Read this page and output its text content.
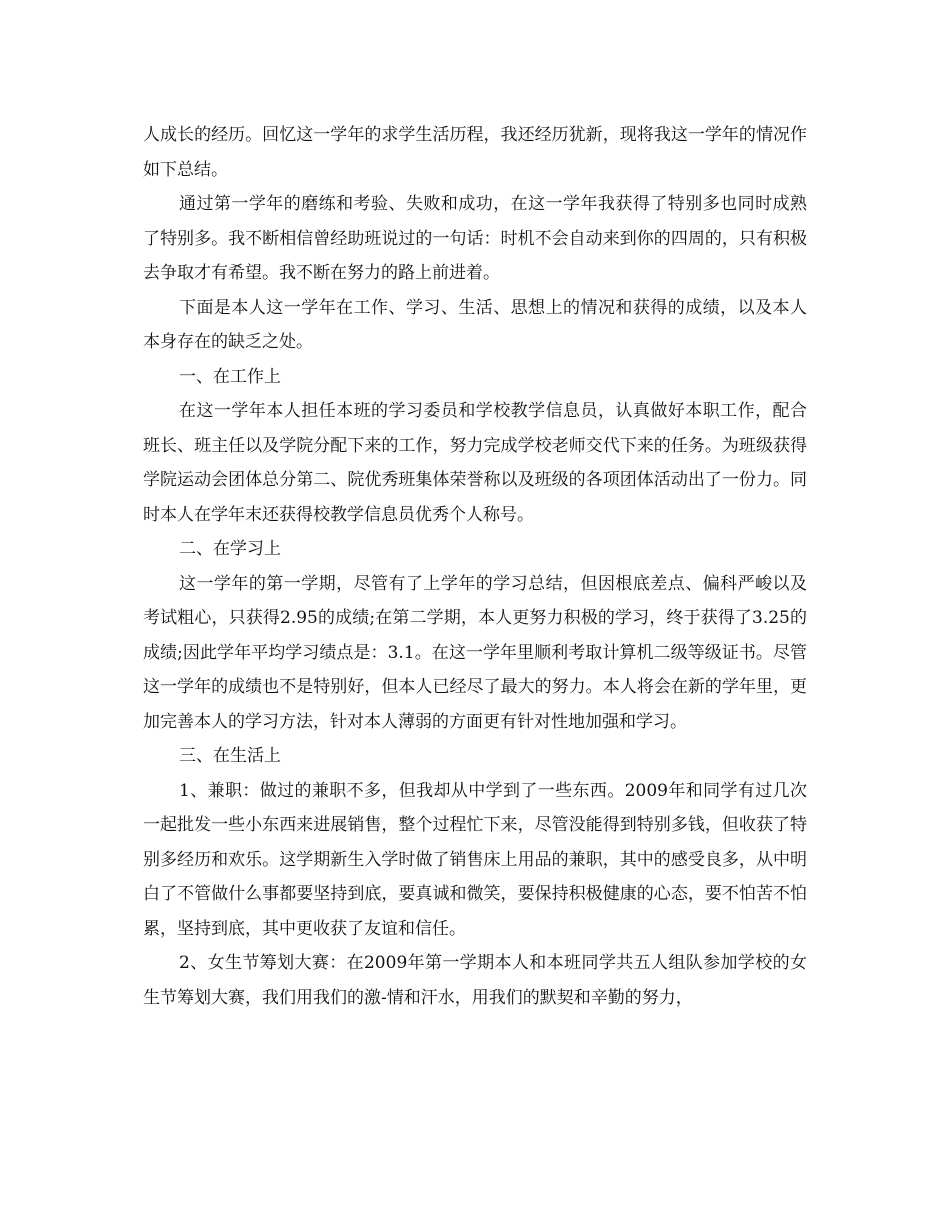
人成长的经历。回忆这一学年的求学生活历程，我还经历犹新，现将我这一学年的情况作如下总结。

通过第一学年的磨练和考验、失败和成功，在这一学年我获得了特别多也同时成熟了特别多。我不断相信曾经助班说过的一句话：时机不会自动来到你的四周的，只有积极去争取才有希望。我不断在努力的路上前进着。

下面是本人这一学年在工作、学习、生活、思想上的情况和获得的成绩，以及本人本身存在的缺乏之处。

一、在工作上

在这一学年本人担任本班的学习委员和学校教学信息员，认真做好本职工作，配合班长、班主任以及学院分配下来的工作，努力完成学校老师交代下来的任务。为班级获得学院运动会团体总分第二、院优秀班集体荣誉称以及班级的各项团体活动出了一份力。同时本人在学年末还获得校教学信息员优秀个人称号。

二、在学习上

这一学年的第一学期，尽管有了上学年的学习总结，但因根底差点、偏科严峻以及考试粗心，只获得2.95的成绩;在第二学期，本人更努力积极的学习，终于获得了3.25的成绩;因此学年平均学习绩点是：3.1。在这一学年里顺利考取计算机二级等级证书。尽管这一学年的成绩也不是特别好，但本人已经尽了最大的努力。本人将会在新的学年里，更加完善本人的学习方法，针对本人薄弱的方面更有针对性地加强和学习。

三、在生活上

1、兼职：做过的兼职不多，但我却从中学到了一些东西。2009年和同学有过几次一起批发一些小东西来进展销售，整个过程忙下来，尽管没能得到特别多钱，但收获了特别多经历和欢乐。这学期新生入学时做了销售床上用品的兼职，其中的感受良多，从中明白了不管做什么事都要坚持到底，要真诚和微笑，要保持积极健康的心态，要不怕苦不怕累，坚持到底，其中更收获了友谊和信任。

2、女生节筹划大赛：在2009年第一学期本人和本班同学共五人组队参加学校的女生节筹划大赛，我们用我们的激-情和汗水，用我们的默契和辛勤的努力，
